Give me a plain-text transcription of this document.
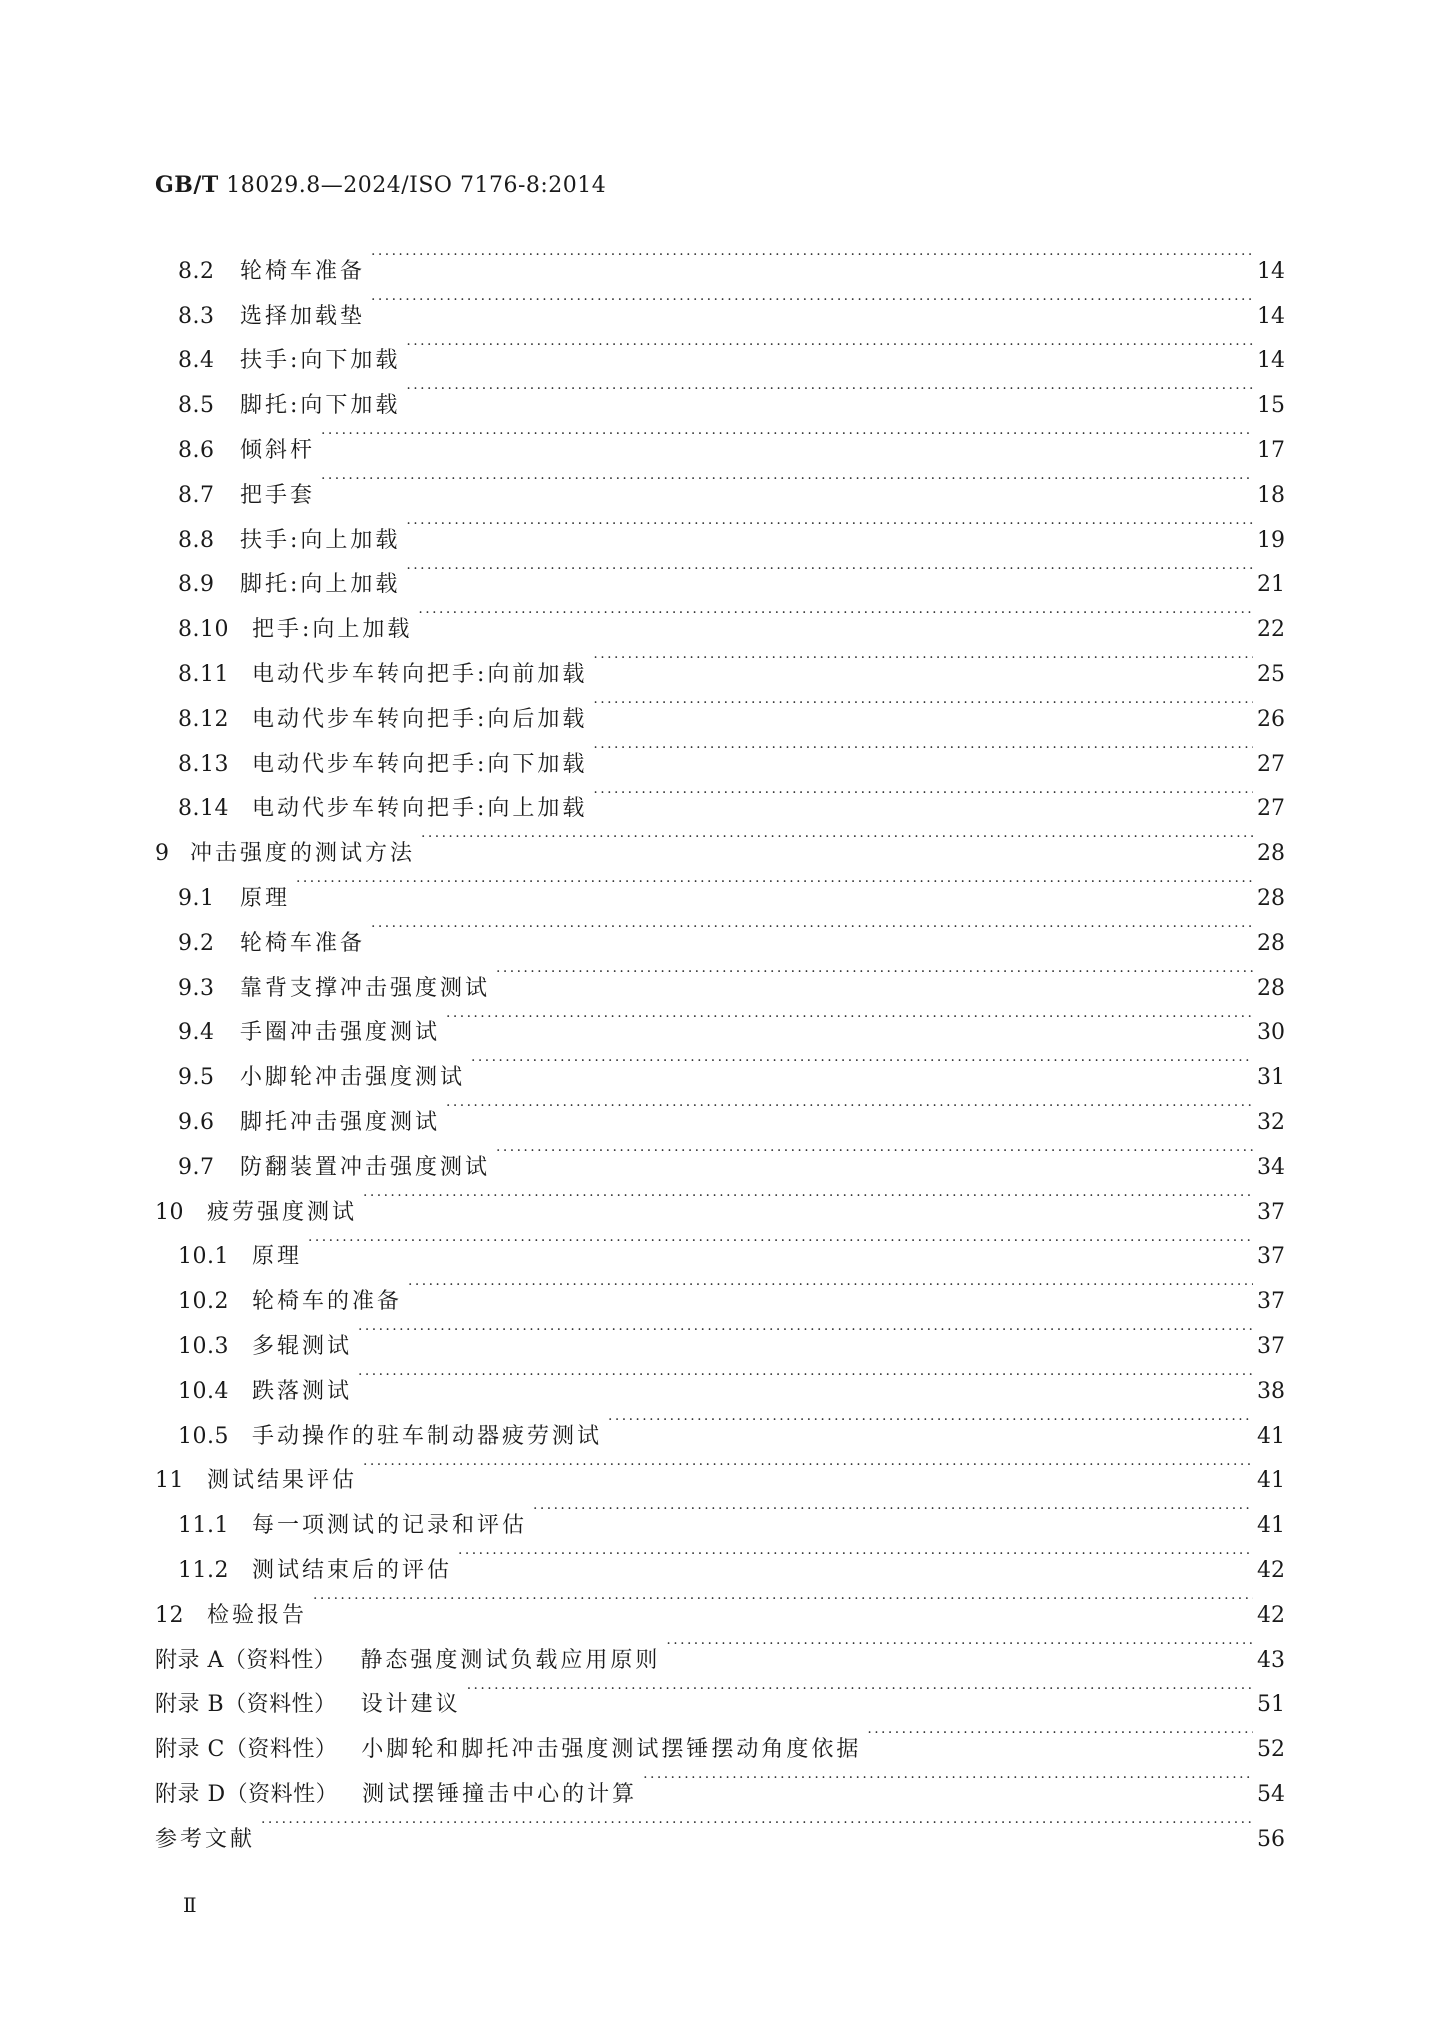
GB/T 18029.8—2024/ISO 7176-8:2014
8.2	轮椅车准备 ·····	14
8.3	选择加载垫 ·····	14
8.4	扶手:向下加载 ·····	14
8.5	脚托:向下加载 ·····	15
8.6	倾斜杆 ·····	17
8.7	把手套 ·····	18
8.8	扶手:向上加载 ·····	19
8.9	脚托:向上加载 ·····	21
8.10	把手:向上加载 ·····	22
8.11	电动代步车转向把手:向前加载 ·····	25
8.12	电动代步车转向把手:向后加载 ·····	26
8.13	电动代步车转向把手:向下加载 ·····	27
8.14	电动代步车转向把手:向上加载 ·····	27
9 冲击强度的测试方法 ·····	28
9.1	原理 ·····	28
9.2	轮椅车准备 ·····	28
9.3	靠背支撑冲击强度测试 ·····	28
9.4	手圈冲击强度测试 ·····	30
9.5	小脚轮冲击强度测试 ·····	31
9.6	脚托冲击强度测试 ·····	32
9.7	防翻装置冲击强度测试 ·····	34
10	疲劳强度测试 ·····	37
10.1	原理 ·····	37
10.2	轮椅车的准备 ·····	37
10.3	多辊测试 ·····	37
10.4	跌落测试 ·····	38
10.5	手动操作的驻车制动器疲劳测试 ·····	41
11	测试结果评估 ·····	41
11.1	每一项测试的记录和评估 ·····	41
11.2	测试结束后的评估 ·····	42
12	检验报告 ·····	42
附录 A（资料性） 静态强度测试负载应用原则 ·····	43
附录 B（资料性） 设计建议 ·····	51
附录 C（资料性） 小脚轮和脚托冲击强度测试摆锤摆动角度依据 ·····	52
附录 D（资料性） 测试摆锤撞击中心的计算 ·····	54
参考文献 ·····	56
Ⅱ
